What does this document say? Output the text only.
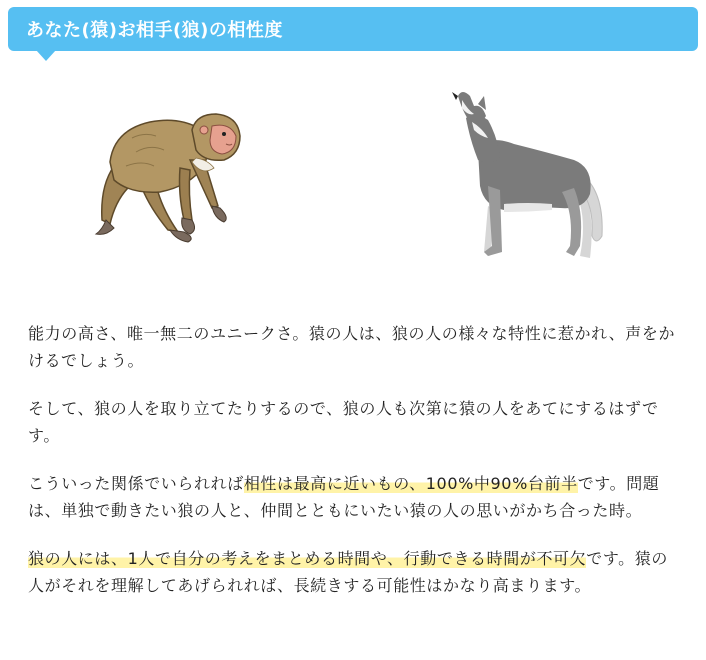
あなた(猿)お相手(狼)の相性度

能力の高さ、唯一無二のユニークさ。猿の人は、狼の人の様々な特性に惹かれ、声をかけるでしょう。

そして、狼の人を取り立てたりするので、狼の人も次第に猿の人をあてにするはずです。

こういった関係でいられれば相性は最高に近いもの、100%中90%台前半です。問題は、単独で動きたい狼の人と、仲間とともにいたい猿の人の思いがかち合った時。

狼の人には、1人で自分の考えをまとめる時間や、行動できる時間が不可欠です。猿の人がそれを理解してあげられれば、長続きする可能性はかなり高まります。
